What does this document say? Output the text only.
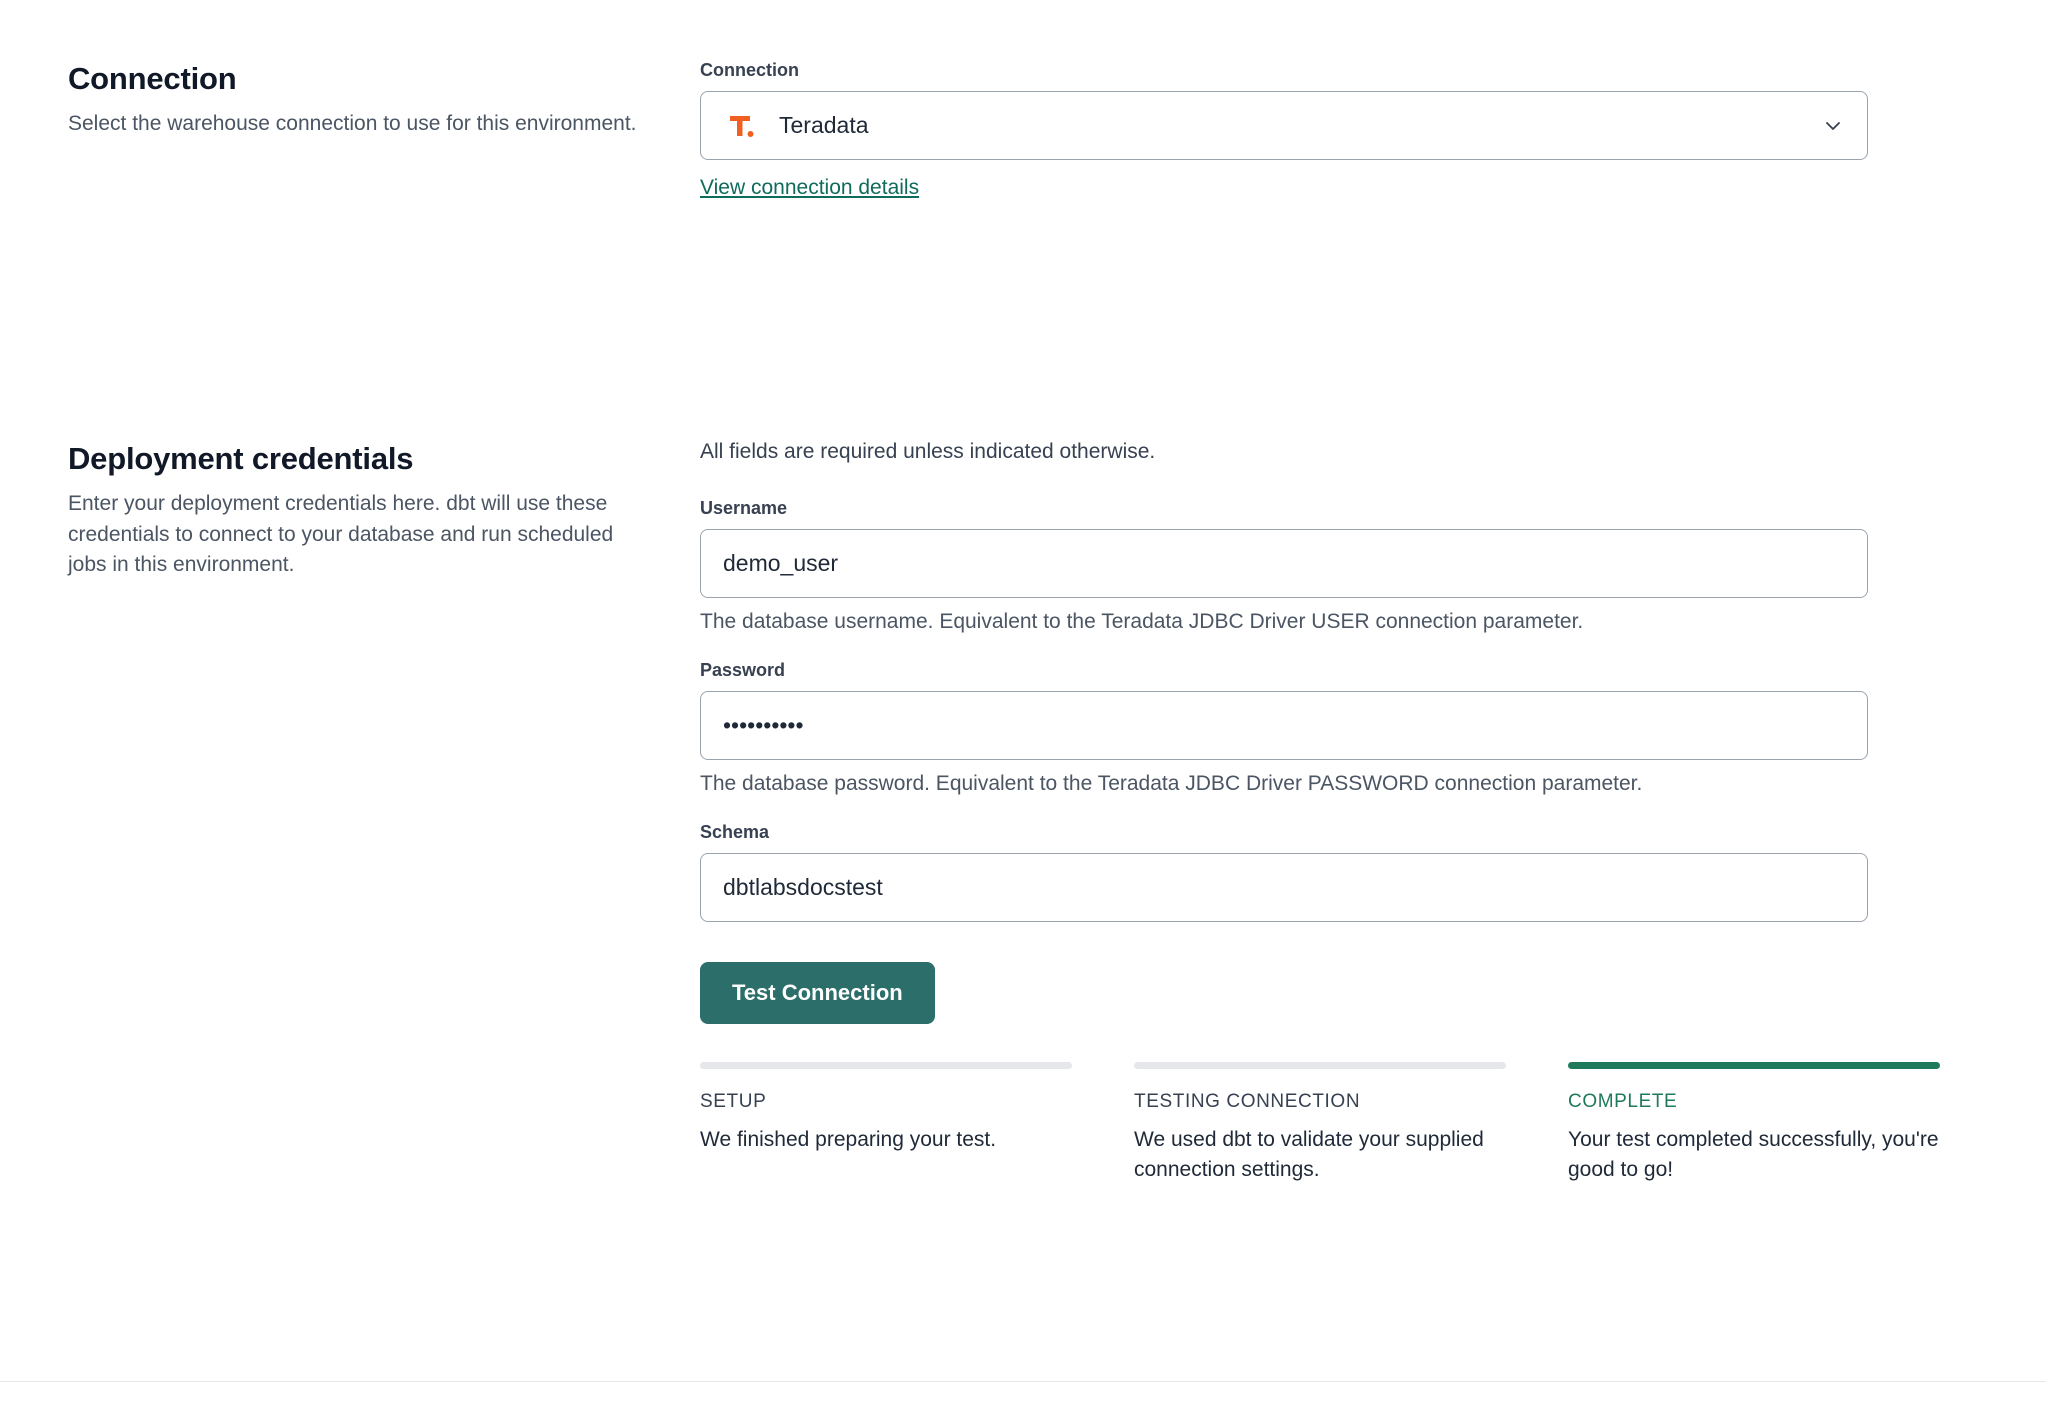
Connection

Select the warehouse connection to use for this environment.

Connection
Teradata
View connection details
Deployment credentials

Enter your deployment credentials here. dbt will use these credentials to connect to your database and run scheduled jobs in this environment.

All fields are required unless indicated otherwise.

Username
demo_user

The database username. Equivalent to the Teradata JDBC Driver USER connection parameter.

Password
••••••••••

The database password. Equivalent to the Teradata JDBC Driver PASSWORD connection parameter.

Schema
dbtlabsdocstest
Test Connection
SETUP
We finished preparing your test.
TESTING CONNECTION
We used dbt to validate your supplied connection settings.
COMPLETE
Your test completed successfully, you're good to go!
